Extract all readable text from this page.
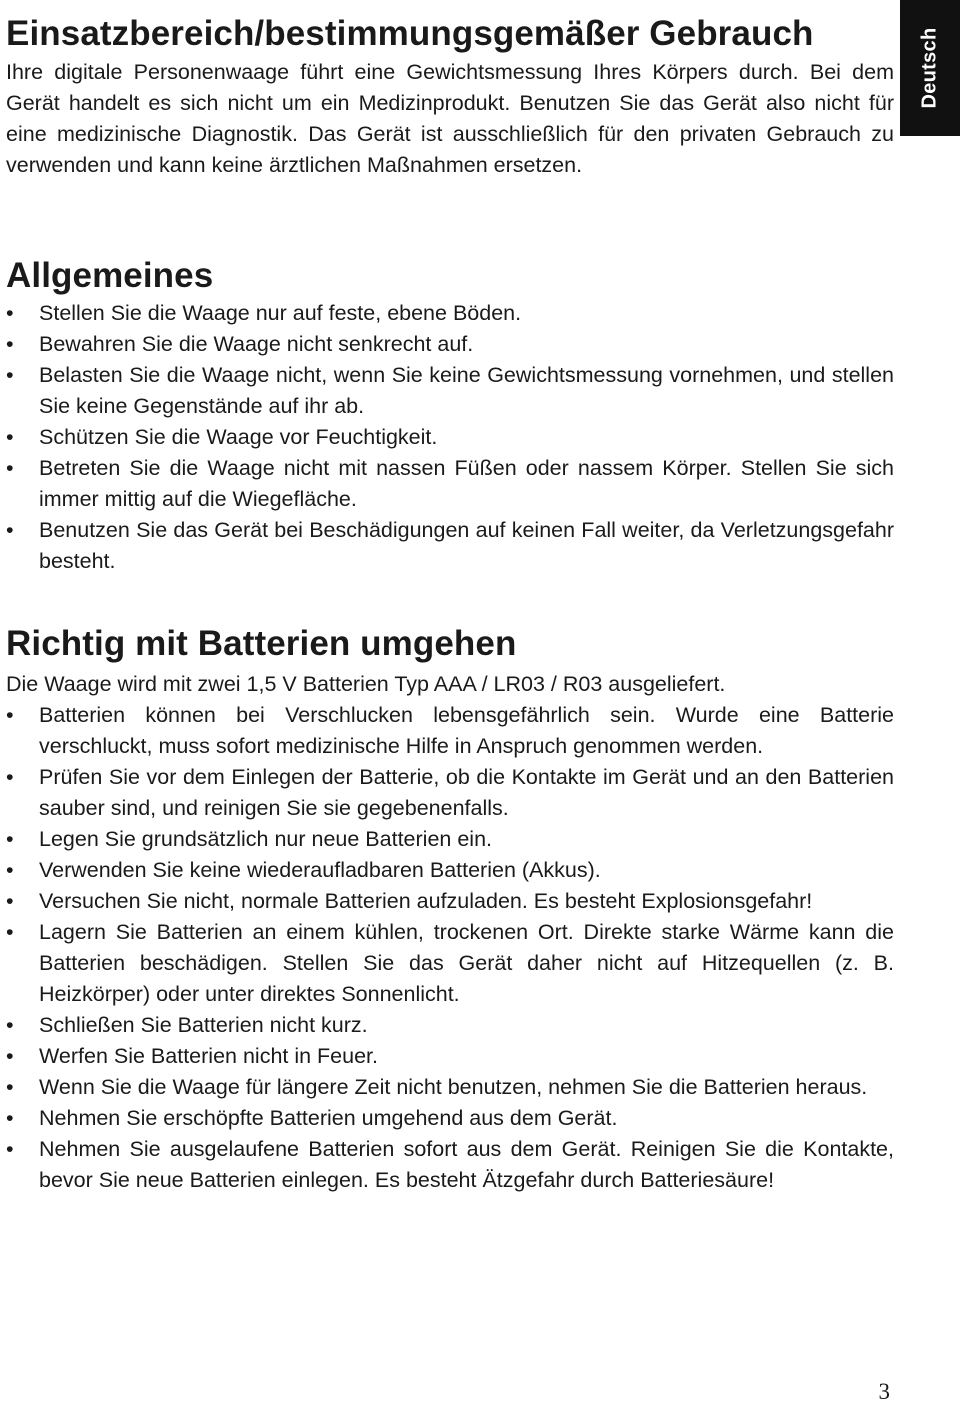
Deutsch
Einsatzbereich/bestimmungsgemäßer Gebrauch

Ihre digitale Personenwaage führt eine Gewichtsmessung Ihres Körpers durch. Bei dem Gerät handelt es sich nicht um ein Medizinprodukt. Benutzen Sie das Gerät also nicht für eine medizinische Diagnostik. Das Gerät ist ausschließlich für den privaten Gebrauch zu verwenden und kann keine ärztlichen Maßnahmen ersetzen.

Allgemeines
• Stellen Sie die Waage nur auf feste, ebene Böden.
• Bewahren Sie die Waage nicht senkrecht auf.
• Belasten Sie die Waage nicht, wenn Sie keine Gewichtsmessung vornehmen, und stellen Sie keine Gegenstände auf ihr ab.
• Schützen Sie die Waage vor Feuchtigkeit.
• Betreten Sie die Waage nicht mit nassen Füßen oder nassem Körper. Stellen Sie sich immer mittig auf die Wiegefläche.
• Benutzen Sie das Gerät bei Beschädigungen auf keinen Fall weiter, da Verletzungsgefahr besteht.
Richtig mit Batterien umgehen

Die Waage wird mit zwei 1,5 V Batterien Typ AAA / LR03 / R03 ausgeliefert.

• Batterien können bei Verschlucken lebensgefährlich sein. Wurde eine Batterie verschluckt, muss sofort medizinische Hilfe in Anspruch genommen werden.
• Prüfen Sie vor dem Einlegen der Batterie, ob die Kontakte im Gerät und an den Batterien sauber sind, und reinigen Sie sie gegebenenfalls.
• Legen Sie grundsätzlich nur neue Batterien ein.
• Verwenden Sie keine wiederaufladbaren Batterien (Akkus).
• Versuchen Sie nicht, normale Batterien aufzuladen. Es besteht Explosionsgefahr!
• Lagern Sie Batterien an einem kühlen, trockenen Ort. Direkte starke Wärme kann die Batterien beschädigen. Stellen Sie das Gerät daher nicht auf Hitzequellen (z. B. Heizkörper) oder unter direktes Sonnenlicht.
• Schließen Sie Batterien nicht kurz.
• Werfen Sie Batterien nicht in Feuer.
• Wenn Sie die Waage für längere Zeit nicht benutzen, nehmen Sie die Batterien heraus.
• Nehmen Sie erschöpfte Batterien umgehend aus dem Gerät.
• Nehmen Sie ausgelaufene Batterien sofort aus dem Gerät. Reinigen Sie die Kontakte, bevor Sie neue Batterien einlegen. Es besteht Ätzgefahr durch Batteriesäure!
3
